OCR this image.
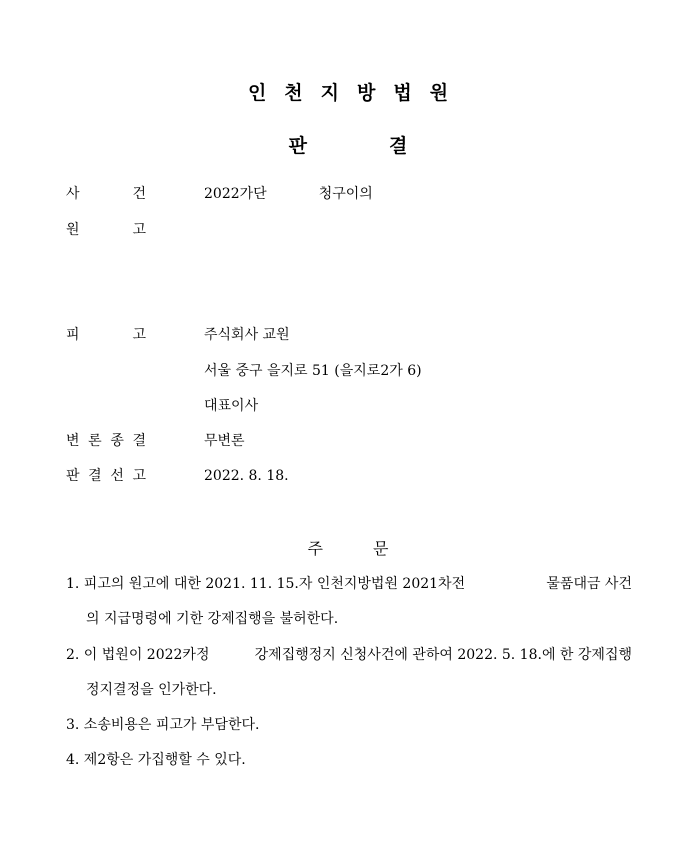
인천지방법원
판결
사	건	2022가단	청구이의
원	고
피	고	주식회사 교원
서울 중구 을지로 51 (을지로2가 6)
대표이사
변 론 종 결	무변론
판 결 선 고	2022. 8. 18.
주문
1. 피고의 원고에 대한 2021. 11. 15.자 인천지방법원 2021차전	물품대금 사건
의 지급명령에 기한 강제집행을 불허한다.
2. 이 법원이 2022카정	강제집행정지 신청사건에 관하여 2022. 5. 18.에 한 강제집행
정지결정을 인가한다.
3. 소송비용은 피고가 부담한다.
4. 제2항은 가집행할 수 있다.
